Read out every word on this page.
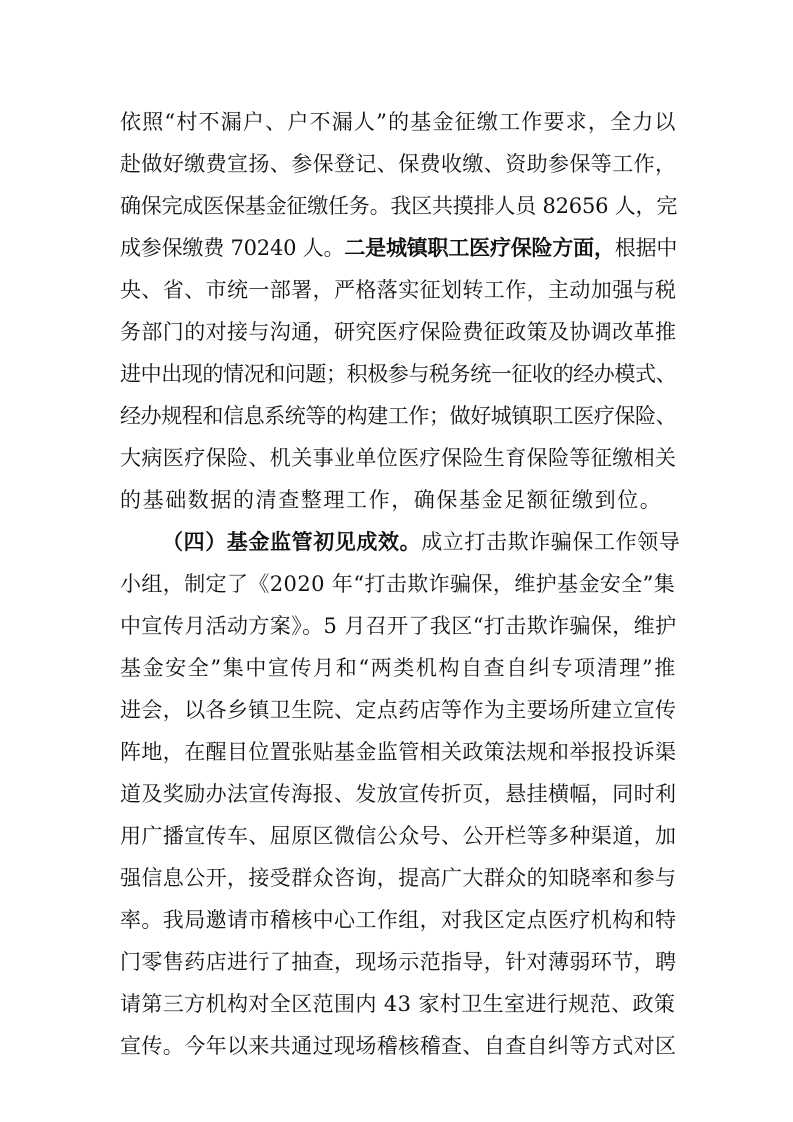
依照“村不漏户、户不漏人”的基金征缴工作要求，全力以
赴做好缴费宣扬、参保登记、保费收缴、资助参保等工作，
确保完成医保基金征缴任务。我区共摸排人员 82656 人，完
成参保缴费 70240 人。二是城镇职工医疗保险方面，根据中
央、省、市统一部署，严格落实征划转工作，主动加强与税
务部门的对接与沟通，研究医疗保险费征政策及协调改革推
进中出现的情况和问题；积极参与税务统一征收的经办模式、
经办规程和信息系统等的构建工作；做好城镇职工医疗保险、
大病医疗保险、机关事业单位医疗保险生育保险等征缴相关
的基础数据的清查整理工作，确保基金足额征缴到位。
（四）基金监管初见成效。成立打击欺诈骗保工作领导
小组，制定了《2020 年“打击欺诈骗保，维护基金安全”集
中宣传月活动方案》。5 月召开了我区“打击欺诈骗保，维护
基金安全”集中宣传月和“两类机构自查自纠专项清理”推
进会，以各乡镇卫生院、定点药店等作为主要场所建立宣传
阵地，在醒目位置张贴基金监管相关政策法规和举报投诉渠
道及奖励办法宣传海报、发放宣传折页，悬挂横幅，同时利
用广播宣传车、屈原区微信公众号、公开栏等多种渠道，加
强信息公开，接受群众咨询，提高广大群众的知晓率和参与
率。我局邀请市稽核中心工作组，对我区定点医疗机构和特
门零售药店进行了抽查，现场示范指导，针对薄弱环节，聘
请第三方机构对全区范围内 43 家村卫生室进行规范、政策
宣传。今年以来共通过现场稽核稽查、自查自纠等方式对区
